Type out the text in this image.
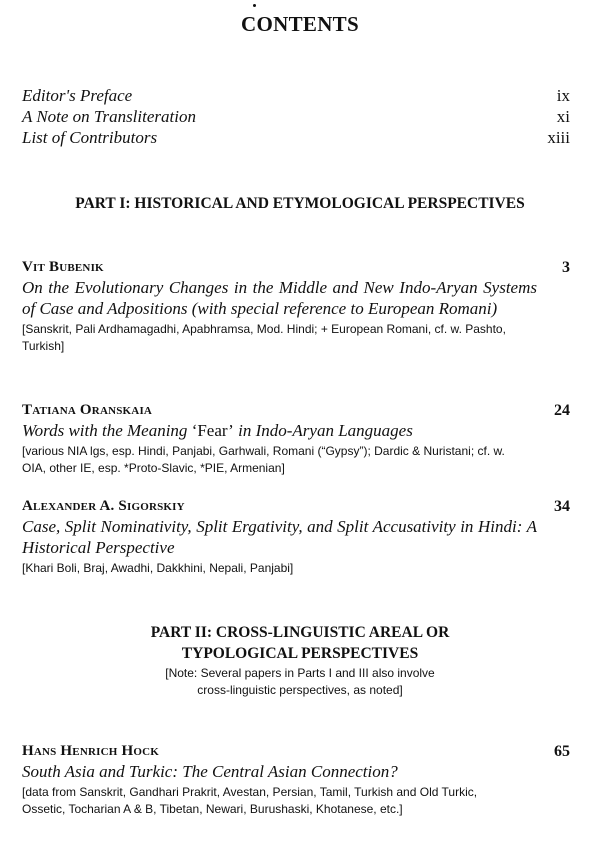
CONTENTS
Editor's Preface	ix
A Note on Transliteration	xi
List of Contributors	xiii
PART I: HISTORICAL AND ETYMOLOGICAL PERSPECTIVES
Vit Bubenik	3
On the Evolutionary Changes in the Middle and New Indo-Aryan Systems of Case and Adpositions (with special reference to European Romani)
[Sanskrit, Pali Ardhamagadhi, Apabhramsa, Mod. Hindi; + European Romani, cf. w. Pashto, Turkish]
Tatiana Oranskaia	24
Words with the Meaning ‘Fear’ in Indo-Aryan Languages
[various NIA lgs, esp. Hindi, Panjabi, Garhwali, Romani (“Gypsy”); Dardic & Nuristani; cf. w. OIA, other IE, esp. *Proto-Slavic, *PIE, Armenian]
Alexander A. Sigorskiy	34
Case, Split Nominativity, Split Ergativity, and Split Accusativity in Hindi: A Historical Perspective
[Khari Boli, Braj, Awadhi, Dakkhini, Nepali, Panjabi]
PART II: CROSS-LINGUISTIC AREAL OR
TYPOLOGICAL PERSPECTIVES
[Note: Several papers in Parts I and III also involve
cross-linguistic perspectives, as noted]
Hans Henrich Hock	65
South Asia and Turkic: The Central Asian Connection?
[data from Sanskrit, Gandhari Prakrit, Avestan, Persian, Tamil, Turkish and Old Turkic, Ossetic, Tocharian A & B, Tibetan, Newari, Burushaski, Khotanese, etc.]
